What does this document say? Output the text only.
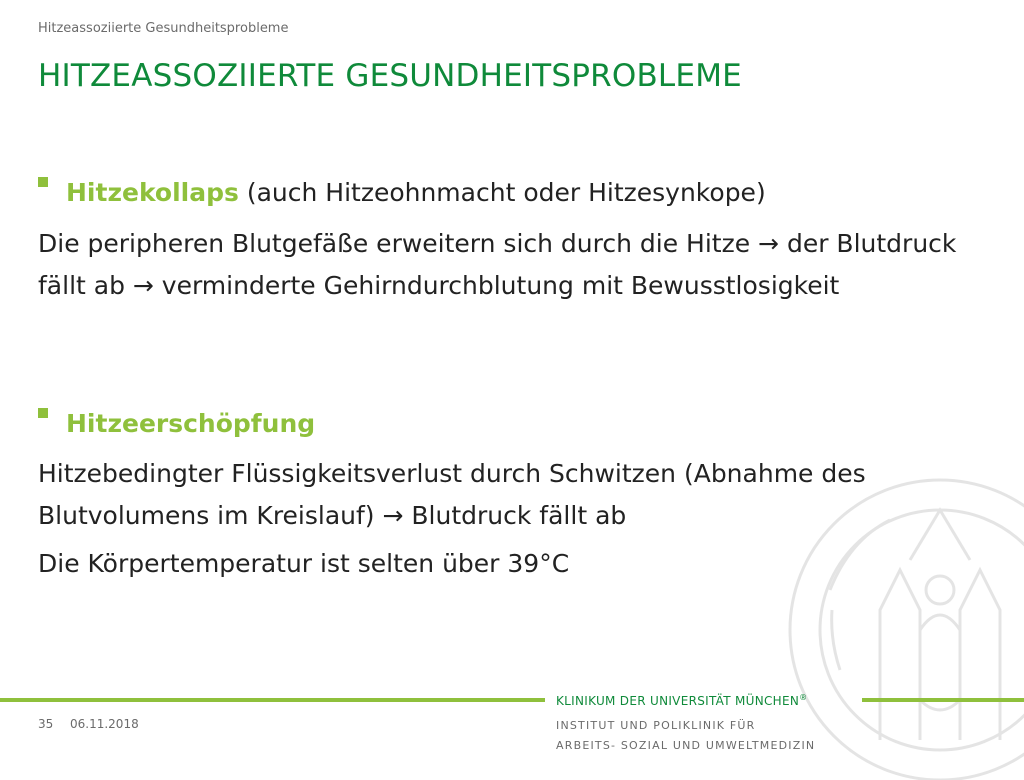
Hitzeassoziierte Gesundheitsprobleme
HITZEASSOZIIERTE GESUNDHEITSPROBLEME
Hitzekollaps (auch Hitzeohnmacht oder Hitzesynkope)
Die peripheren Blutgefäße erweitern sich durch die Hitze → der Blutdruck fällt ab → verminderte Gehirndurchblutung mit Bewusstlosigkeit
Hitzeerschöpfung
Hitzebedingter Flüssigkeitsverlust durch Schwitzen (Abnahme des Blutvolumens im Kreislauf) → Blutdruck fällt ab
Die Körpertemperatur ist selten über 39°C
KLINIKUM DER UNIVERSITÄT MÜNCHEN®
35 06.11.2018	INSTITUT UND POLIKLINIK FÜR
ARBEITS- SOZIAL UND UMWELTMEDIZIN
